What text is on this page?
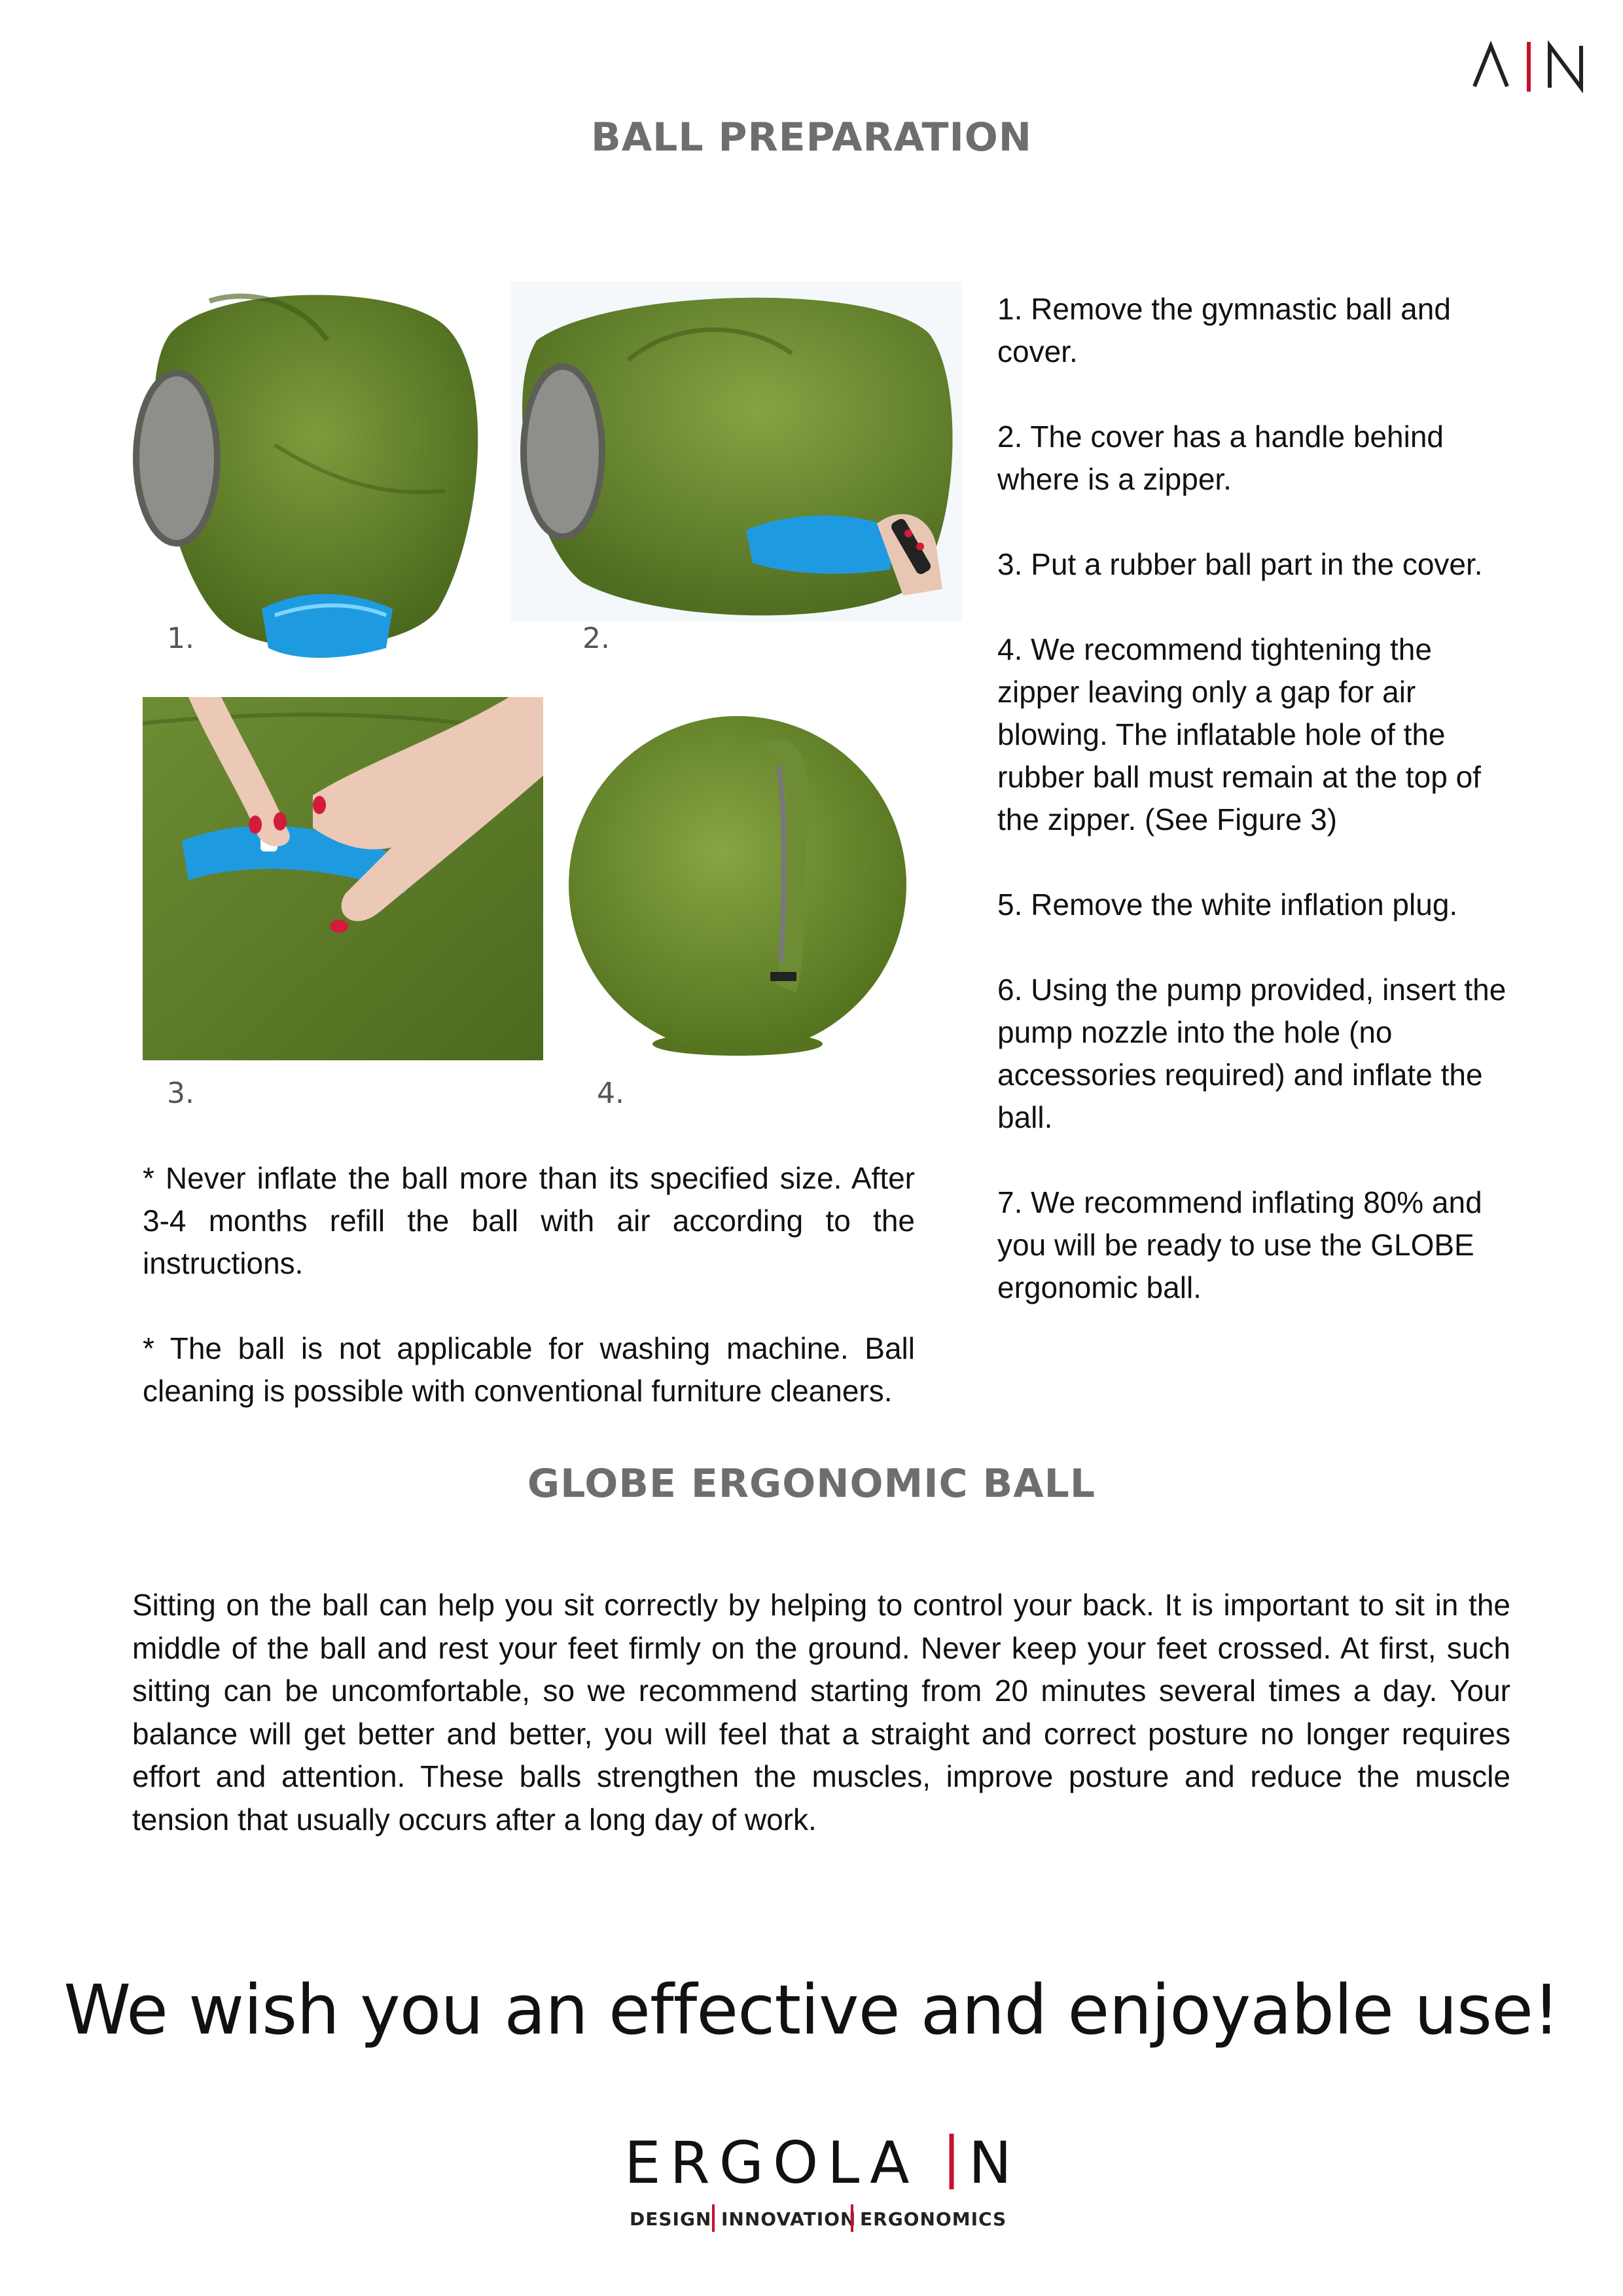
BALL PREPARATION
1.	2.
3.	4.
1. Remove the gymnastic ball and cover.
2. The cover has a handle behind where is a zipper.
3. Put a rubber ball part in the cover.
4. We recommend tightening the zipper leaving only a gap for air blowing. The inflatable hole of the rubber ball must remain at the top of the zipper. (See Figure 3)
5. Remove the white inflation plug.
6. Using the pump provided, insert the pump nozzle into the hole (no accessories required) and inflate the ball.
7. We recommend inflating 80% and you will be ready to use the GLOBE ergonomic ball.

* Never inflate the ball more than its specified size. After 3-4 months refill the ball with air according to the instructions.

* The ball is not applicable for washing machine. Ball cleaning is possible with conventional furniture cleaners.

GLOBE ERGONOMIC BALL

Sitting on the ball can help you sit correctly by helping to control your back. It is important to sit in the middle of the ball and rest your feet firmly on the ground. Never keep your feet crossed. At first, such sitting can be uncomfortable, so we recommend starting from 20 minutes several times a day. Your balance will get better and better, you will feel that a straight and correct posture no longer requires effort and attention. These balls strengthen the muscles, improve posture and reduce the muscle tension that usually occurs after a long day of work.

We wish you an effective and enjoyable use!
ERGOLA N
DESIGN INNOVATION ERGONOMICS
